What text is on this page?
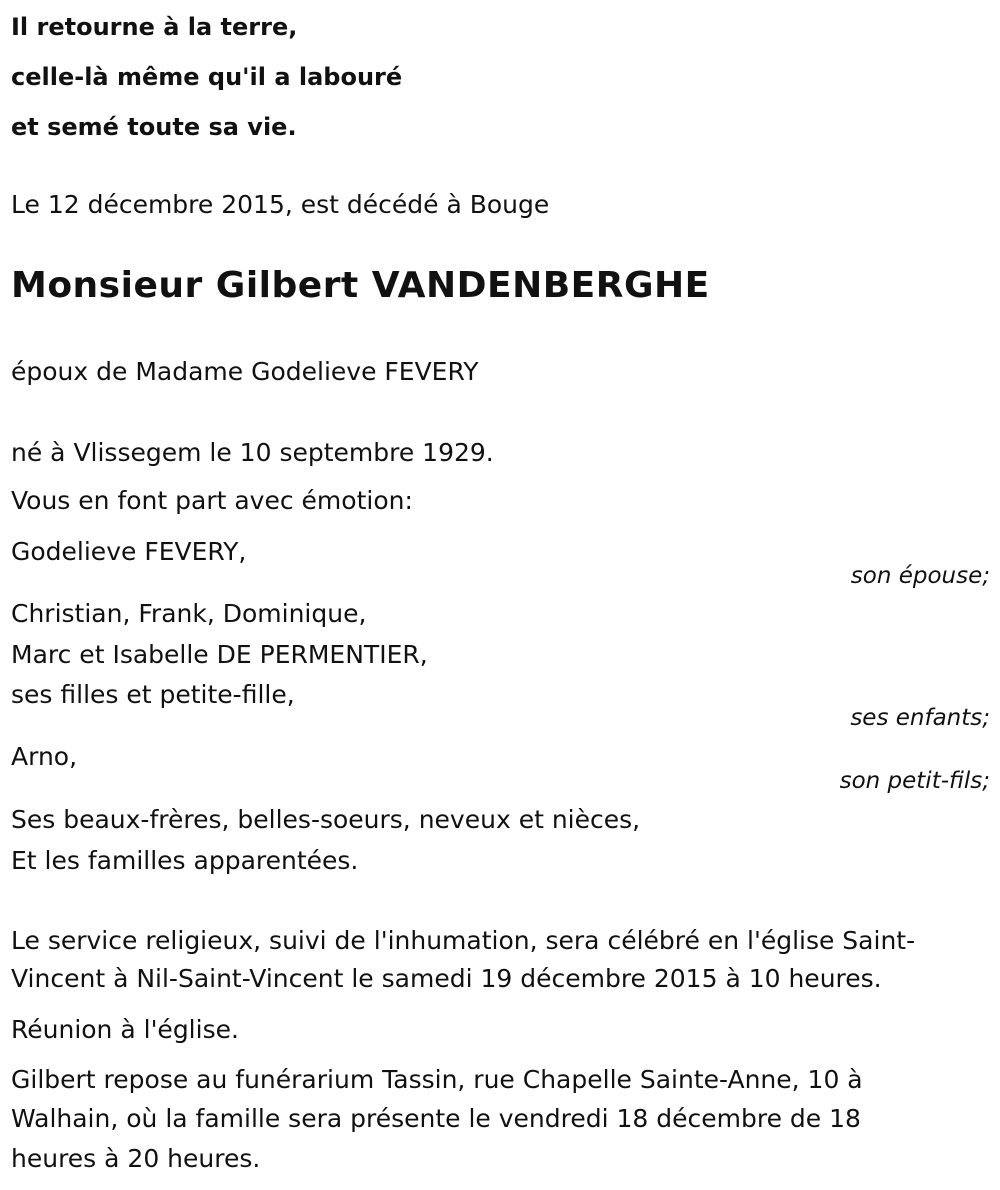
Il retourne à la terre,
celle-là même qu'il a labouré
et semé toute sa vie.
Le 12 décembre 2015, est décédé à Bouge
Monsieur Gilbert VANDENBERGHE
époux de Madame Godelieve FEVERY
né à Vlissegem le 10 septembre 1929.
Vous en font part avec émotion:
Godelieve FEVERY,
son épouse;
Christian, Frank, Dominique,
Marc et Isabelle DE PERMENTIER,
ses filles et petite-fille,
ses enfants;
Arno,
son petit-fils;
Ses beaux-frères, belles-soeurs, neveux et nièces,
Et les familles apparentées.
Le service religieux, suivi de l'inhumation, sera célébré en l'église Saint-
Vincent à Nil-Saint-Vincent le samedi 19 décembre 2015 à 10 heures.
Réunion à l'église.
Gilbert repose au funérarium Tassin, rue Chapelle Sainte-Anne, 10 à
Walhain, où la famille sera présente le vendredi 18 décembre de 18
heures à 20 heures.
